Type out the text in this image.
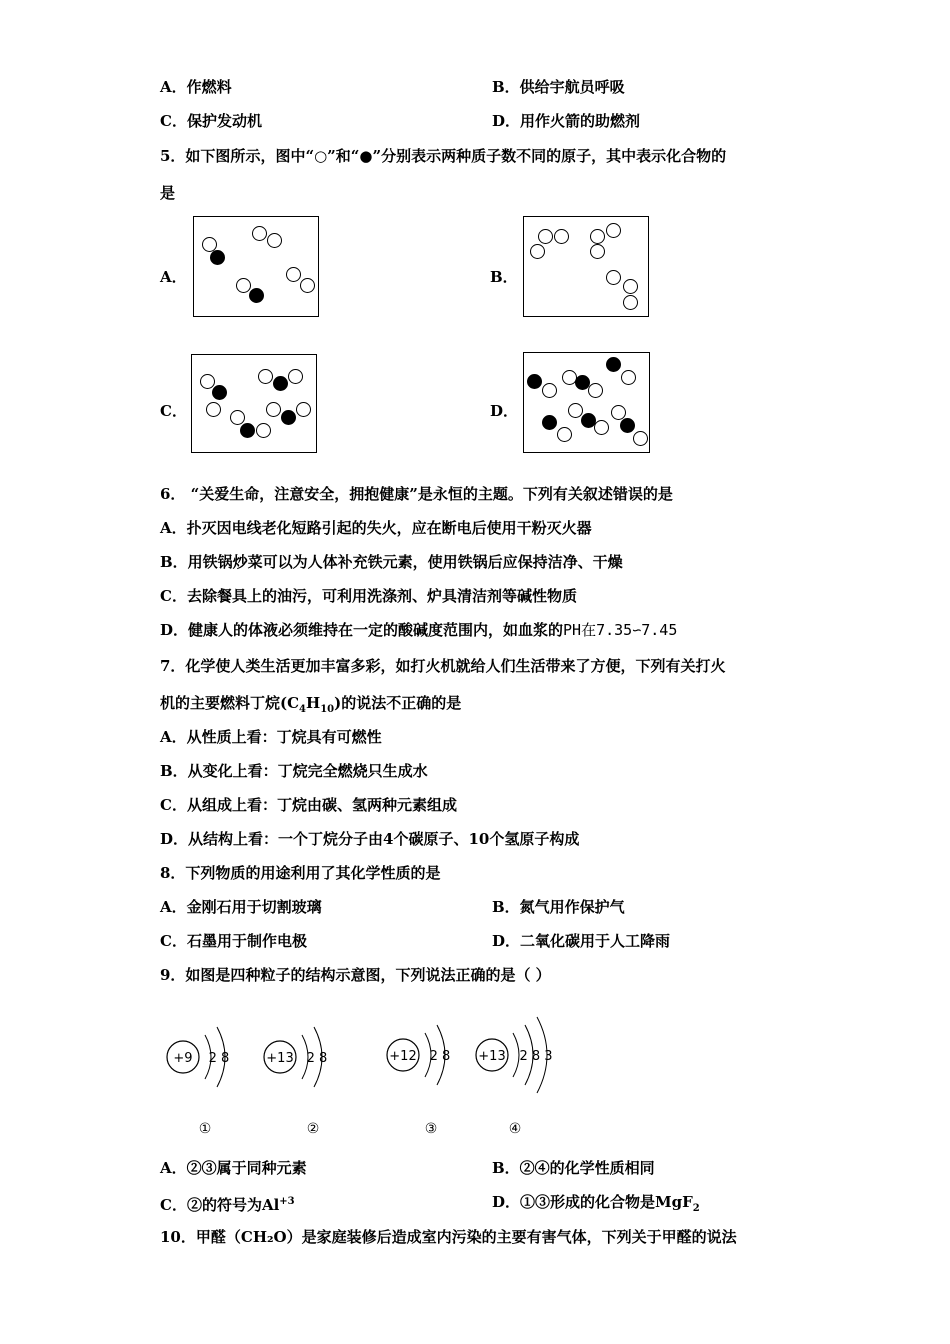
A．作燃料	B．供给宇航员呼吸
C．保护发动机	D．用作火箭的助燃剂
5．如下图所示，图中“○”和“●”分别表示两种质子数不同的原子，其中表示化合物的
是
A．	B．
C．	D．
6． “关爱生命，注意安全，拥抱健康”是永恒的主题。下列有关叙述错误的是
A．扑灭因电线老化短路引起的失火，应在断电后使用干粉灭火器
B．用铁锅炒菜可以为人体补充铁元素，使用铁锅后应保持洁净、干燥
C．去除餐具上的油污，可利用洗涤剂、炉具清洁剂等碱性物质
D．健康人的体液必须维持在一定的酸碱度范围内，如血浆的PH在7.35∽7.45
7．化学使人类生活更加丰富多彩，如打火机就给人们生活带来了方便，下列有关打火
机的主要燃料丁烷$(C_4H_{10})$的说法不正确的是
A．从性质上看：丁烷具有可燃性
B．从变化上看：丁烷完全燃烧只生成水
C．从组成上看：丁烷由碳、氢两种元素组成
D．从结构上看：一个丁烷分子由4个碳原子、10个氢原子构成
8．下列物质的用途利用了其化学性质的是
A．金刚石用于切割玻璃	B．氮气用作保护气
C．石墨用于制作电极	D．二氧化碳用于人工降雨
9．如图是四种粒子的结构示意图，下列说法正确的是（ ）
+9 2 8
①
+13 2 8
②
+12 2 8
③
+13 2 8 3
④
A．②③属于同种元素	B．②④的化学性质相同
C．②的符号为$Al^{+3}$	D．①③形成的化合物是MgF$_2$
10．甲醛（CH₂O）是家庭装修后造成室内污染的主要有害气体，下列关于甲醛的说法
